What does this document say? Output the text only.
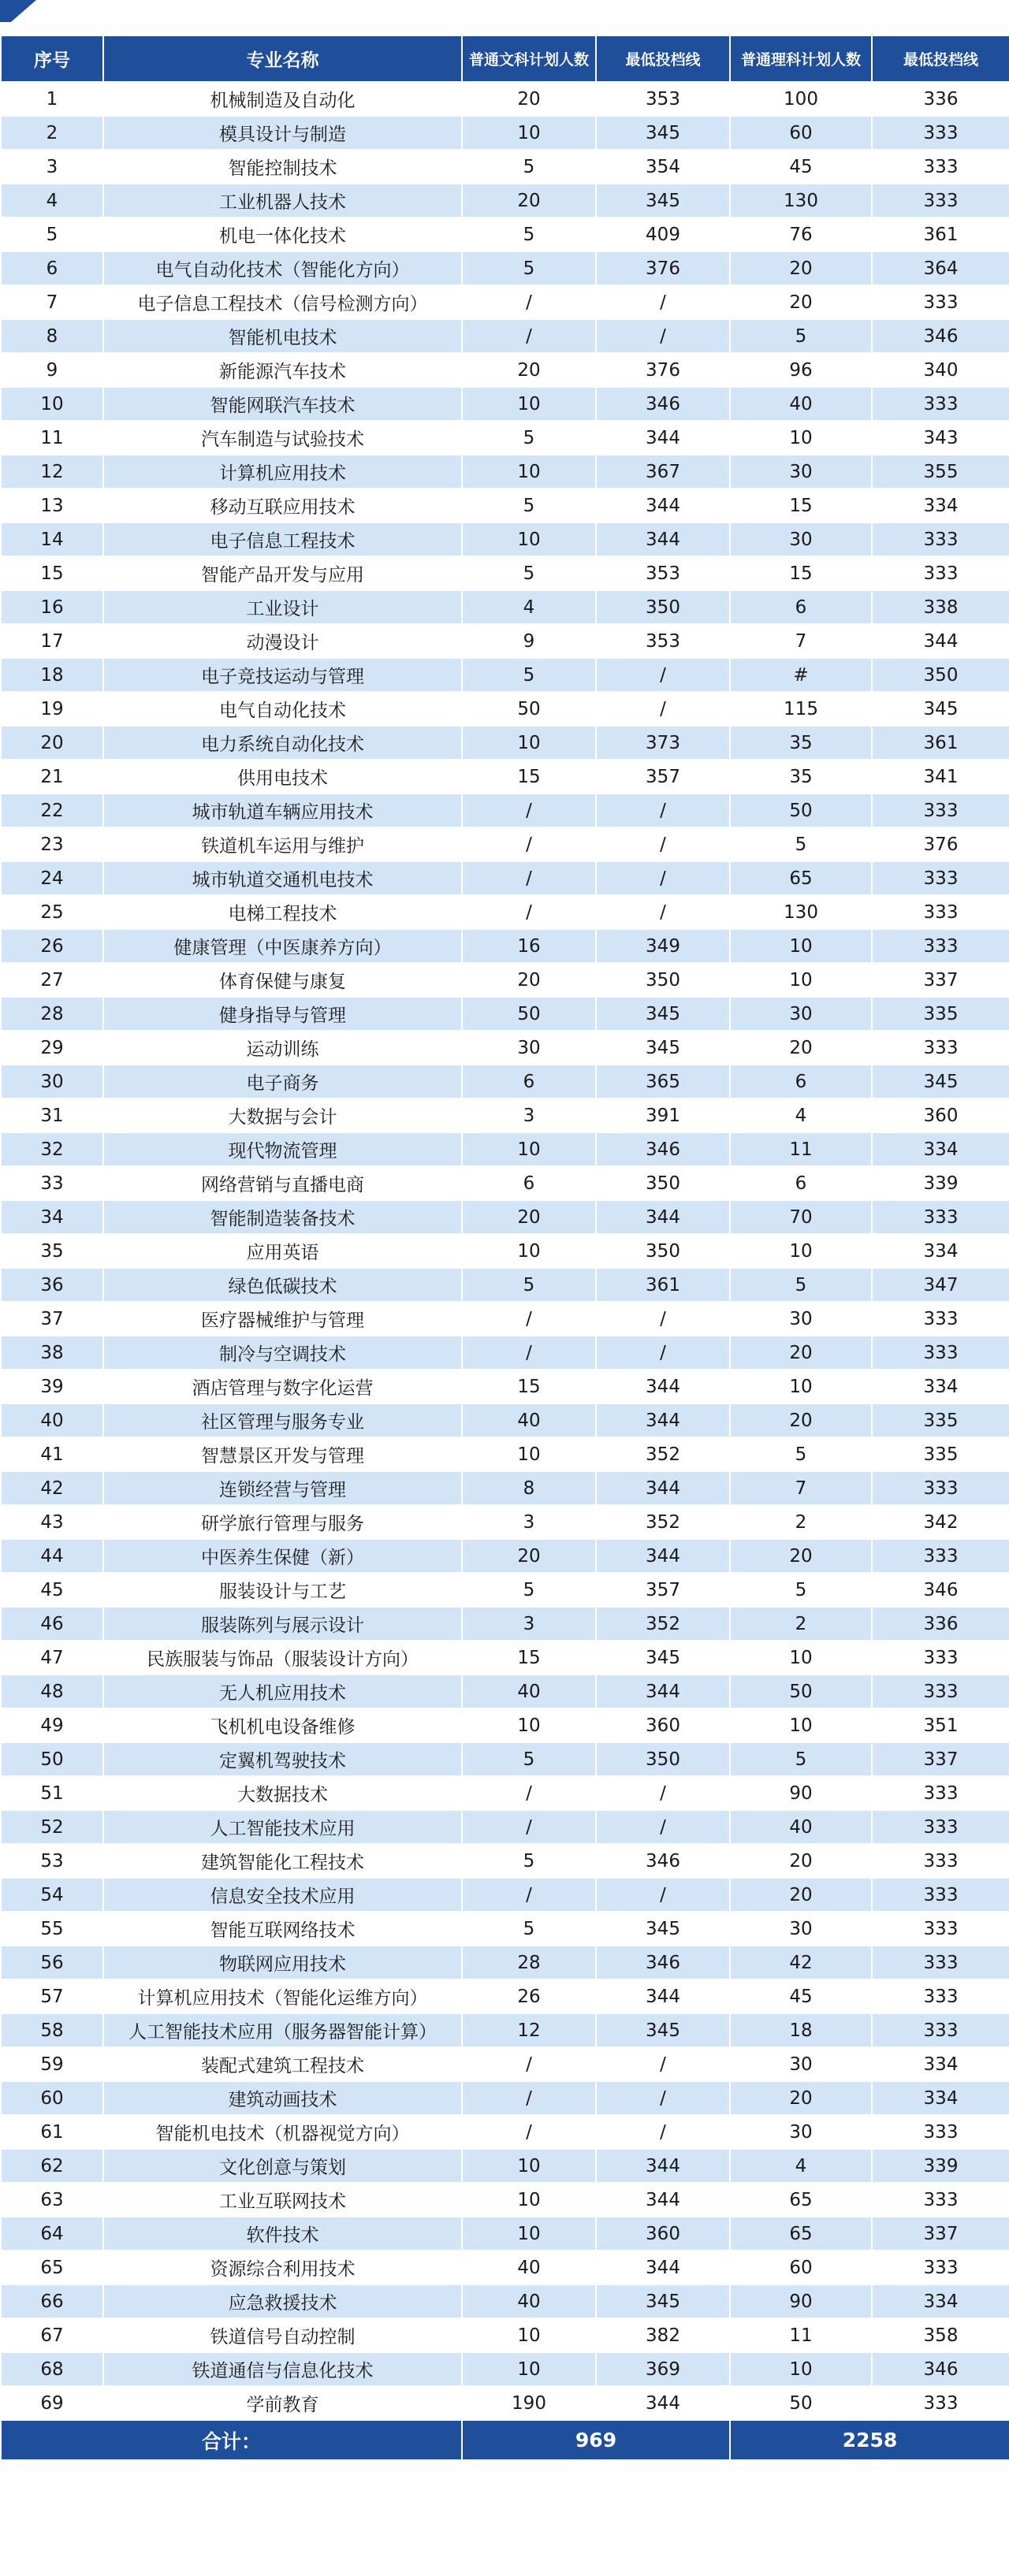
序号	专业名称	普通文科计划人数	最低投档线	普通理科计划人数	最低投档线
1	机械制造及自动化	20	353	100	336
2	模具设计与制造	10	345	60	333
3	智能控制技术	5	354	45	333
4	工业机器人技术	20	345	130	333
5	机电一体化技术	5	409	76	361
6	电气自动化技术（智能化方向）	5	376	20	364
7	电子信息工程技术（信号检测方向）	/	/	20	333
8	智能机电技术	/	/	5	346
9	新能源汽车技术	20	376	96	340
10	智能网联汽车技术	10	346	40	333
11	汽车制造与试验技术	5	344	10	343
12	计算机应用技术	10	367	30	355
13	移动互联应用技术	5	344	15	334
14	电子信息工程技术	10	344	30	333
15	智能产品开发与应用	5	353	15	333
16	工业设计	4	350	6	338
17	动漫设计	9	353	7	344
18	电子竞技运动与管理	5	/	#	350
19	电气自动化技术	50	/	115	345
20	电力系统自动化技术	10	373	35	361
21	供用电技术	15	357	35	341
22	城市轨道车辆应用技术	/	/	50	333
23	铁道机车运用与维护	/	/	5	376
24	城市轨道交通机电技术	/	/	65	333
25	电梯工程技术	/	/	130	333
26	健康管理（中医康养方向）	16	349	10	333
27	体育保健与康复	20	350	10	337
28	健身指导与管理	50	345	30	335
29	运动训练	30	345	20	333
30	电子商务	6	365	6	345
31	大数据与会计	3	391	4	360
32	现代物流管理	10	346	11	334
33	网络营销与直播电商	6	350	6	339
34	智能制造装备技术	20	344	70	333
35	应用英语	10	350	10	334
36	绿色低碳技术	5	361	5	347
37	医疗器械维护与管理	/	/	30	333
38	制冷与空调技术	/	/	20	333
39	酒店管理与数字化运营	15	344	10	334
40	社区管理与服务专业	40	344	20	335
41	智慧景区开发与管理	10	352	5	335
42	连锁经营与管理	8	344	7	333
43	研学旅行管理与服务	3	352	2	342
44	中医养生保健（新）	20	344	20	333
45	服装设计与工艺	5	357	5	346
46	服装陈列与展示设计	3	352	2	336
47	民族服装与饰品（服装设计方向）	15	345	10	333
48	无人机应用技术	40	344	50	333
49	飞机机电设备维修	10	360	10	351
50	定翼机驾驶技术	5	350	5	337
51	大数据技术	/	/	90	333
52	人工智能技术应用	/	/	40	333
53	建筑智能化工程技术	5	346	20	333
54	信息安全技术应用	/	/	20	333
55	智能互联网络技术	5	345	30	333
56	物联网应用技术	28	346	42	333
57	计算机应用技术（智能化运维方向）	26	344	45	333
58	人工智能技术应用（服务器智能计算）	12	345	18	333
59	装配式建筑工程技术	/	/	30	334
60	建筑动画技术	/	/	20	334
61	智能机电技术（机器视觉方向）	/	/	30	333
62	文化创意与策划	10	344	4	339
63	工业互联网技术	10	344	65	333
64	软件技术	10	360	65	337
65	资源综合利用技术	40	344	60	333
66	应急救援技术	40	345	90	334
67	铁道信号自动控制	10	382	11	358
68	铁道通信与信息化技术	10	369	10	346
69	学前教育	190	344	50	333
合计：		969		2258	
